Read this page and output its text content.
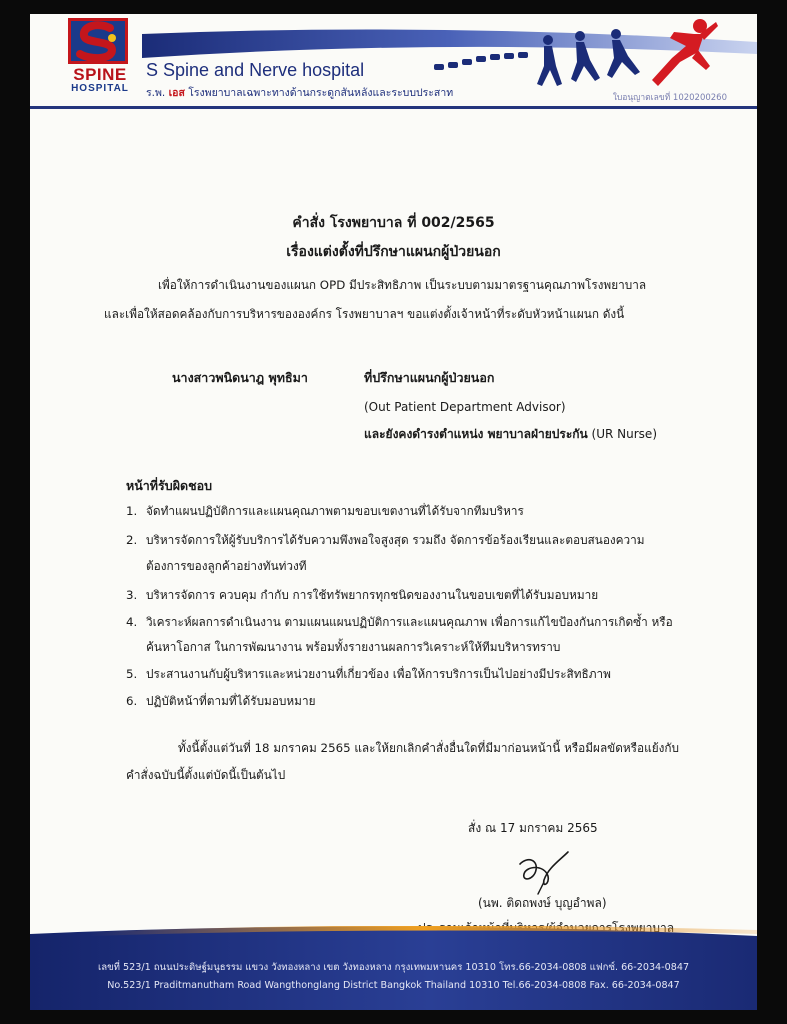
SPINE
HOSPITAL
S Spine and Nerve hospital
ร.พ. เอส โรงพยาบาลเฉพาะทางด้านกระดูกสันหลังและระบบประสาท	ใบอนุญาตเลขที่ 1020200260
คำสั่ง โรงพยาบาล ที่ 002/2565
เรื่องแต่งตั้งที่ปรึกษาแผนกผู้ป่วยนอก
เพื่อให้การดำเนินงานของแผนก OPD มีประสิทธิภาพ เป็นระบบตามมาตรฐานคุณภาพโรงพยาบาล
และเพื่อให้สอดคล้องกับการบริหารขององค์กร โรงพยาบาลฯ ขอแต่งตั้งเจ้าหน้าที่ระดับหัวหน้าแผนก ดังนี้
นางสาวพนิดนาฎ พุทธิมา	ที่ปรึกษาแผนกผู้ป่วยนอก
(Out Patient Department Advisor)
และยังคงดำรงตำแหน่ง พยาบาลฝ่ายประกัน (UR Nurse)
หน้าที่รับผิดชอบ
1. จัดทำแผนปฏิบัติการและแผนคุณภาพตามขอบเขตงานที่ได้รับจากทีมบริหาร
2. บริหารจัดการให้ผู้รับบริการได้รับความพึงพอใจสูงสุด รวมถึง จัดการข้อร้องเรียนและตอบสนองความ
ต้องการของลูกค้าอย่างทันท่วงที
3. บริหารจัดการ ควบคุม กำกับ การใช้ทรัพยากรทุกชนิดของงานในขอบเขตที่ได้รับมอบหมาย
4. วิเคราะห์ผลการดำเนินงาน ตามแผนแผนปฏิบัติการและแผนคุณภาพ เพื่อการแก้ไขป้องกันการเกิดซ้ำ หรือ
ค้นหาโอกาส ในการพัฒนางาน พร้อมทั้งรายงานผลการวิเคราะห์ให้ทีมบริหารทราบ
5. ประสานงานกับผู้บริหารและหน่วยงานที่เกี่ยวข้อง เพื่อให้การบริการเป็นไปอย่างมีประสิทธิภาพ
6. ปฏิบัติหน้าที่ตามที่ได้รับมอบหมาย
ทั้งนี้ตั้งแต่วันที่ 18 มกราคม 2565 และให้ยกเลิกคำสั่งอื่นใดที่มีมาก่อนหน้านี้ หรือมีผลขัดหรือแย้งกับ
คำสั่งฉบับนี้ตั้งแต่บัดนี้เป็นต้นไป
สั่ง ณ 17 มกราคม 2565
(นพ. ติดถพงษ์ บุญอำพล)
เลขที่ 523/1 ถนนประดิษฐ์มนูธรรม แขวง วังทองหลาง เขต วังทองหลาง กรุงเทพมหานคร 10310 โทร.66-2034-0808 แฟกซ์. 66-2034-0847
No.523/1 Praditmanutham Road Wangthonglang District Bangkok Thailand 10310 Tel.66-2034-0808 Fax. 66-2034-0847
